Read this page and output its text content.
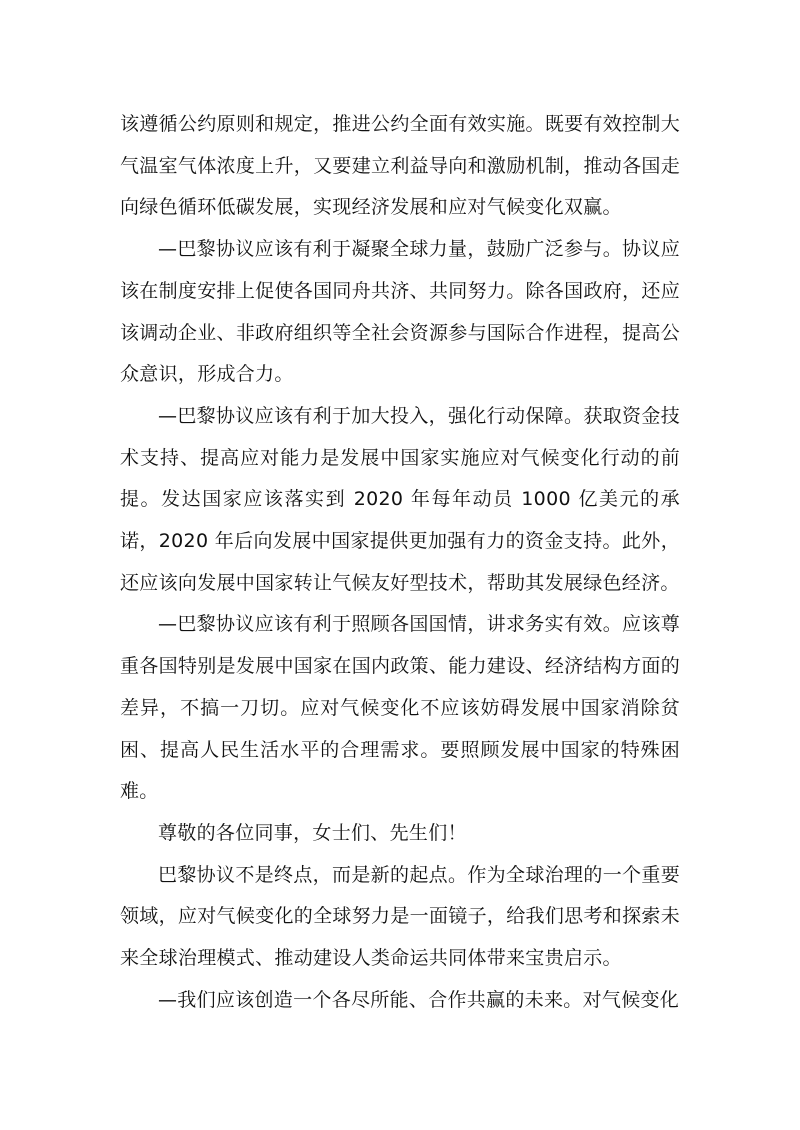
该遵循公约原则和规定，推进公约全面有效实施。既要有效控制大气温室气体浓度上升，又要建立利益导向和激励机制，推动各国走向绿色循环低碳发展，实现经济发展和应对气候变化双赢。

—巴黎协议应该有利于凝聚全球力量，鼓励广泛参与。协议应该在制度安排上促使各国同舟共济、共同努力。除各国政府，还应该调动企业、非政府组织等全社会资源参与国际合作进程，提高公众意识，形成合力。

—巴黎协议应该有利于加大投入，强化行动保障。获取资金技术支持、提高应对能力是发展中国家实施应对气候变化行动的前提。发达国家应该落实到 2020 年每年动员 1000 亿美元的承诺，2020 年后向发展中国家提供更加强有力的资金支持。此外，还应该向发展中国家转让气候友好型技术，帮助其发展绿色经济。

—巴黎协议应该有利于照顾各国国情，讲求务实有效。应该尊重各国特别是发展中国家在国内政策、能力建设、经济结构方面的差异，不搞一刀切。应对气候变化不应该妨碍发展中国家消除贫困、提高人民生活水平的合理需求。要照顾发展中国家的特殊困难。

尊敬的各位同事，女士们、先生们！

巴黎协议不是终点，而是新的起点。作为全球治理的一个重要领域，应对气候变化的全球努力是一面镜子，给我们思考和探索未来全球治理模式、推动建设人类命运共同体带来宝贵启示。

—我们应该创造一个各尽所能、合作共赢的未来。对气候变化
